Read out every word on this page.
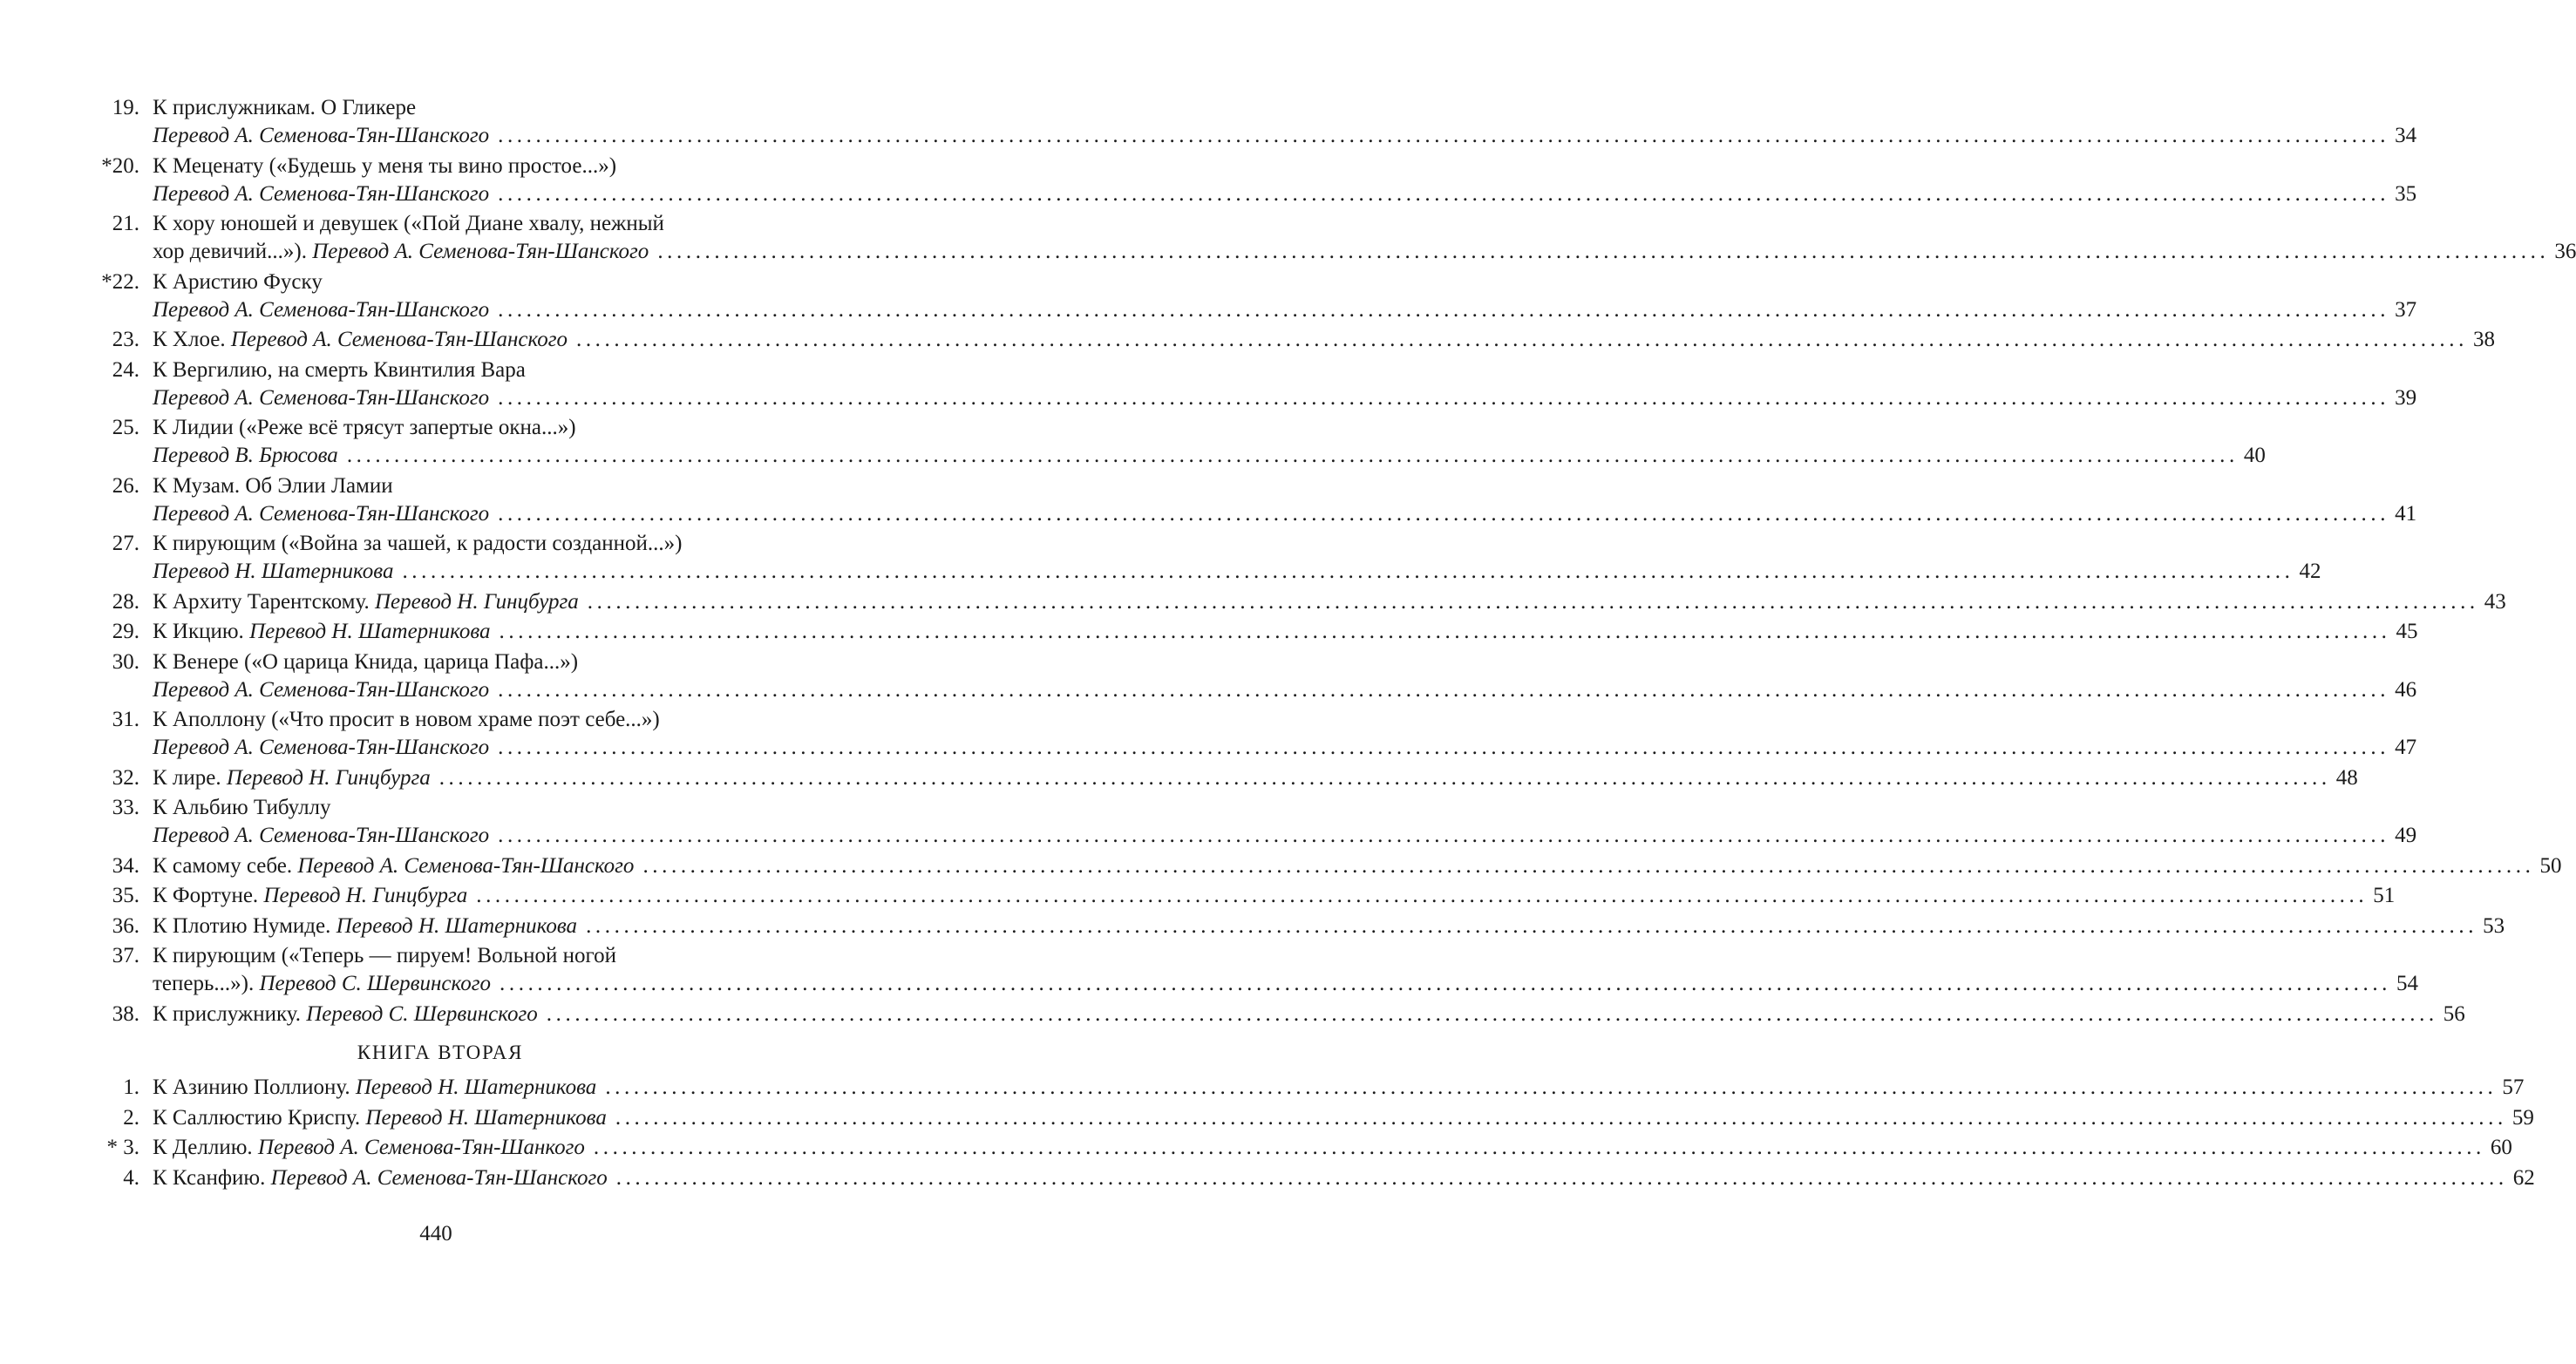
19. К прислужникам. О Гликере
Перевод А. Семенова-Тян-Шанского ........................................................................................................................................................................................................ 34
*20. К Меценату («Будешь у меня ты вино простое...»)
Перевод А. Семенова-Тян-Шанского ........................................................................................................................................................................................................ 35
21. К хору юношей и девушек («Пой Диане хвалу, нежный
хор девичий...»). Перевод А. Семенова-Тян-Шанского ........................................................................................................................................................................................................ 36
*22. К Аристию Фуску
Перевод А. Семенова-Тян-Шанского ........................................................................................................................................................................................................ 37
23. К Хлое. Перевод А. Семенова-Тян-Шанского ........................................................................................................................................................................................................ 38
24. К Вергилию, на смерть Квинтилия Вара
Перевод А. Семенова-Тян-Шанского ........................................................................................................................................................................................................ 39
25. К Лидии («Реже всё трясут запертые окна...»)
Перевод В. Брюсова ........................................................................................................................................................................................................ 40
26. К Музам. Об Элии Ламии
Перевод А. Семенова-Тян-Шанского ........................................................................................................................................................................................................ 41
27. К пирующим («Война за чашей, к радости созданной...»)
Перевод Н. Шатерникова ........................................................................................................................................................................................................ 42
28. К Архиту Тарентскому. Перевод Н. Гинцбурга ........................................................................................................................................................................................................ 43
29. К Икцию. Перевод Н. Шатерникова ........................................................................................................................................................................................................ 45
30. К Венере («О царица Книда, царица Пафа...»)
Перевод А. Семенова-Тян-Шанского ........................................................................................................................................................................................................ 46
31. К Аполлону («Что просит в новом храме поэт себе...»)
Перевод А. Семенова-Тян-Шанского ........................................................................................................................................................................................................ 47
32. К лире. Перевод Н. Гинцбурга ........................................................................................................................................................................................................ 48
33. К Альбию Тибуллу
Перевод А. Семенова-Тян-Шанского ........................................................................................................................................................................................................ 49
34. К самому себе. Перевод А. Семенова-Тян-Шанского ........................................................................................................................................................................................................ 50
35. К Фортуне. Перевод Н. Гинцбурга ........................................................................................................................................................................................................ 51
36. К Плотию Нумиде. Перевод Н. Шатерникова ........................................................................................................................................................................................................ 53
37. К пирующим («Теперь — пируем! Вольной ногой
теперь...»). Перевод С. Шервинского ........................................................................................................................................................................................................ 54
38. К прислужнику. Перевод С. Шервинского ........................................................................................................................................................................................................ 56
КНИГА ВТОРАЯ
1. К Азинию Поллиону. Перевод Н. Шатерникова ........................................................................................................................................................................................................ 57
2. К Саллюстию Криспу. Перевод Н. Шатерникова ........................................................................................................................................................................................................ 59
* 3. К Деллию. Перевод А. Семенова-Тян-Шанкого ........................................................................................................................................................................................................ 60
4. К Ксанфию. Перевод А. Семенова-Тян-Шанского ........................................................................................................................................................................................................ 62
440
